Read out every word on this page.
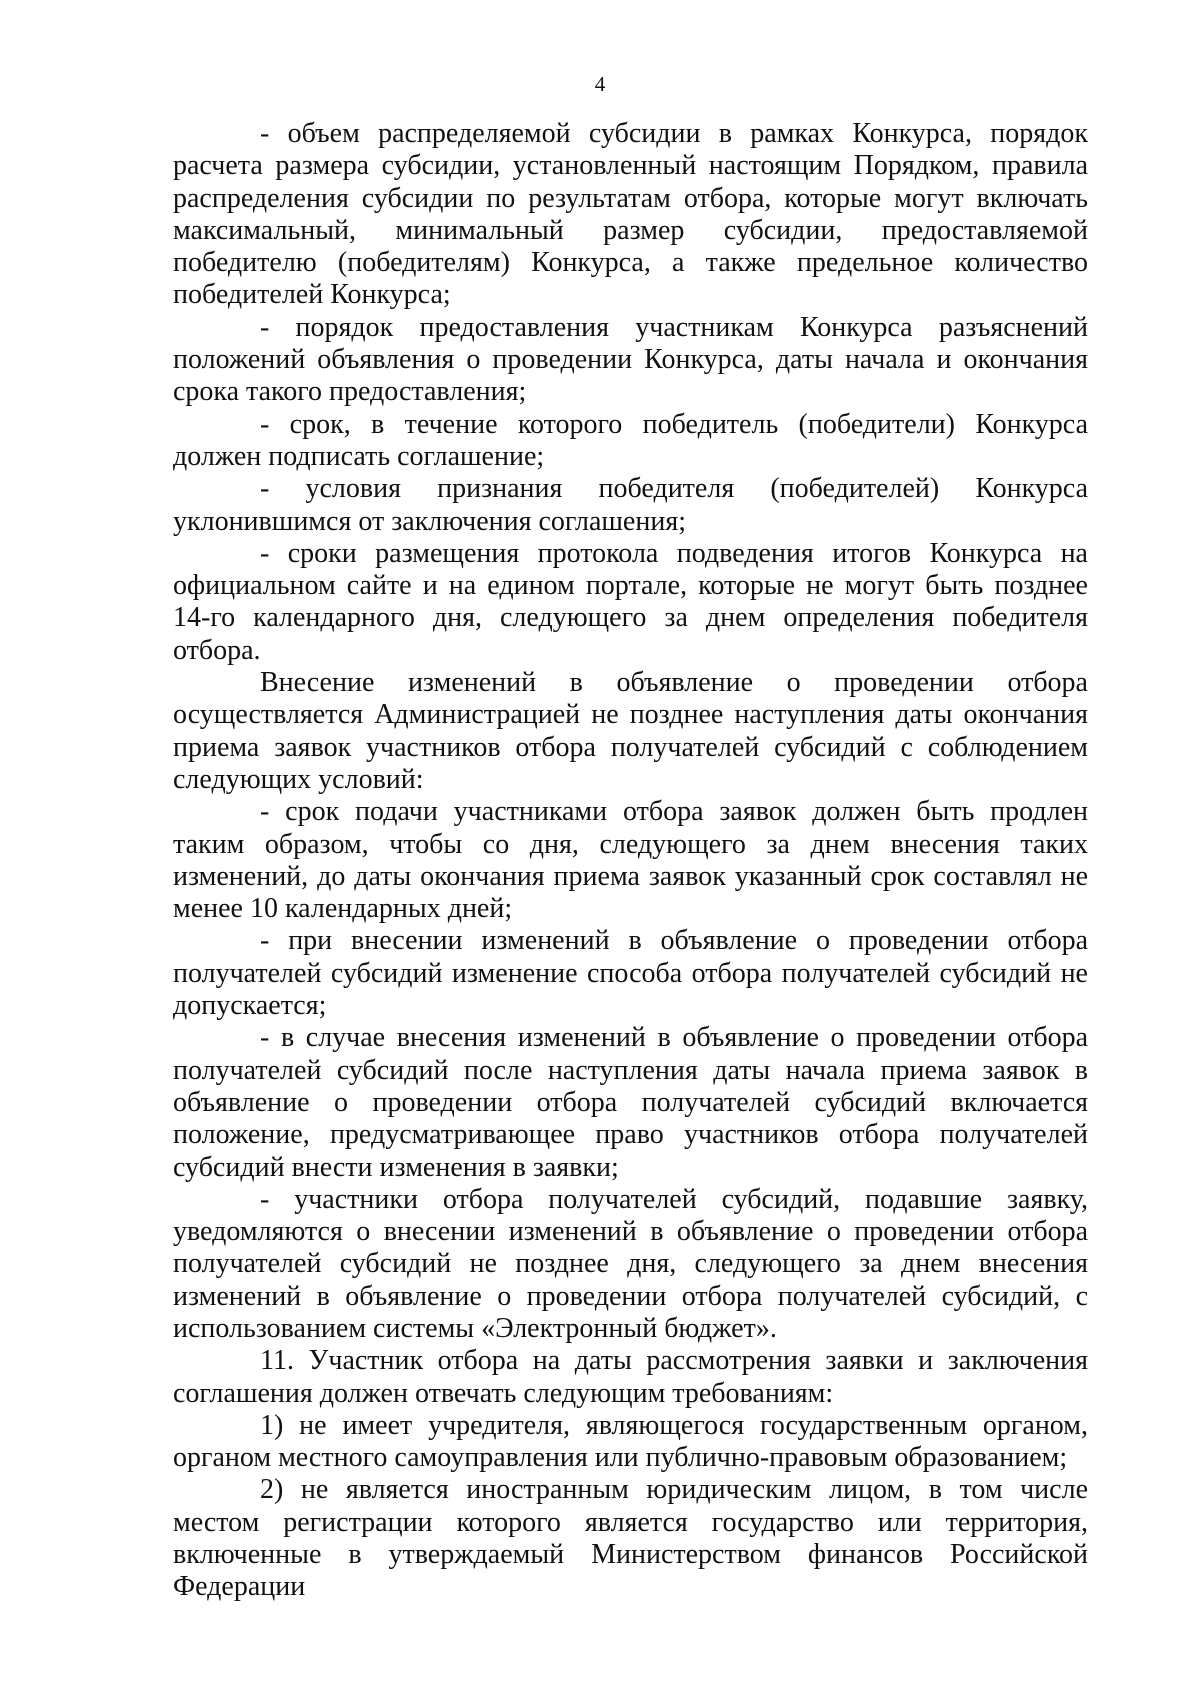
4

- объем распределяемой субсидии в рамках Конкурса, порядок расчета размера субсидии, установленный настоящим Порядком, правила распределения субсидии по результатам отбора, которые могут включать максимальный, минимальный размер субсидии, предоставляемой победителю (победителям) Конкурса, а также предельное количество победителей Конкурса;

- порядок предоставления участникам Конкурса разъяснений положений объявления о проведении Конкурса, даты начала и окончания срока такого предоставления;

- срок, в течение которого победитель (победители) Конкурса должен подписать соглашение;

- условия признания победителя (победителей) Конкурса уклонившимся от заключения соглашения;

- сроки размещения протокола подведения итогов Конкурса на официальном сайте и на едином портале, которые не могут быть позднее 14-го календарного дня, следующего за днем определения победителя отбора.

Внесение изменений в объявление о проведении отбора осуществляется Администрацией не позднее наступления даты окончания приема заявок участников отбора получателей субсидий с соблюдением следующих условий:

- срок подачи участниками отбора заявок должен быть продлен таким образом, чтобы со дня, следующего за днем внесения таких изменений, до даты окончания приема заявок указанный срок составлял не менее 10 календарных дней;

- при внесении изменений в объявление о проведении отбора получателей субсидий изменение способа отбора получателей субсидий не допускается;

- в случае внесения изменений в объявление о проведении отбора получателей субсидий после наступления даты начала приема заявок в объявление о проведении отбора получателей субсидий включается положение, предусматривающее право участников отбора получателей субсидий внести изменения в заявки;

- участники отбора получателей субсидий, подавшие заявку, уведомляются о внесении изменений в объявление о проведении отбора получателей субсидий не позднее дня, следующего за днем внесения изменений в объявление о проведении отбора получателей субсидий, с использованием системы «Электронный бюджет».

11. Участник отбора на даты рассмотрения заявки и заключения соглашения должен отвечать следующим требованиям:

1) не имеет учредителя, являющегося государственным органом, органом местного самоуправления или публично-правовым образованием;

2) не является иностранным юридическим лицом, в том числе местом регистрации которого является государство или территория, включенные в утверждаемый Министерством финансов Российской Федерации
